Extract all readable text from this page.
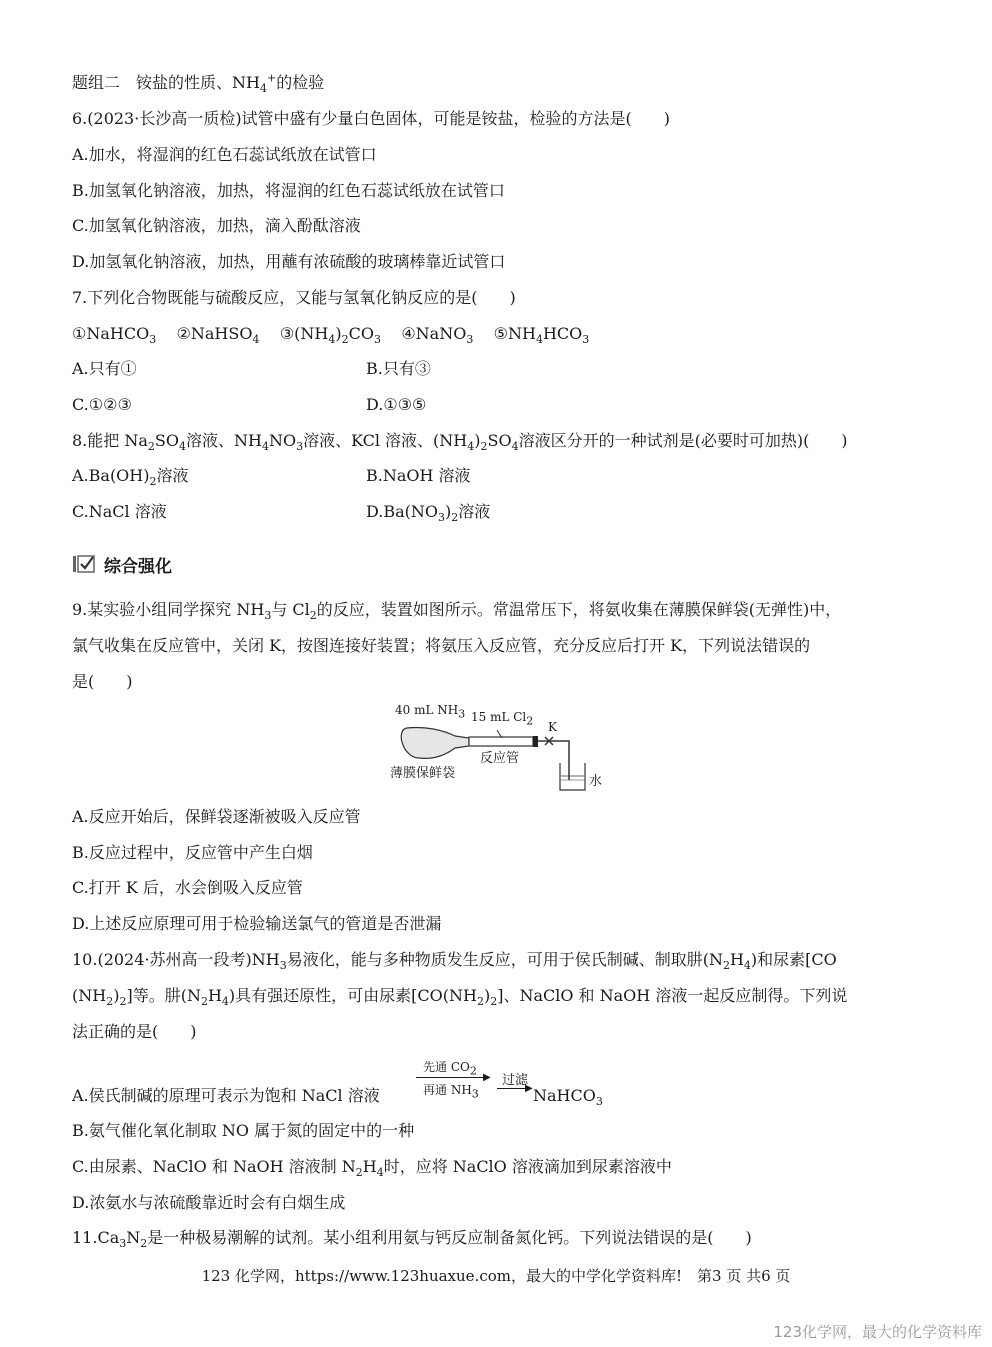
题组二　铵盐的性质、$NH_4^+$的检验
6.(2023·长沙高一质检)试管中盛有少量白色固体，可能是铵盐，检验的方法是(　　)
A.加水，将湿润的红色石蕊试纸放在试管口
B.加氢氧化钠溶液，加热，将湿润的红色石蕊试纸放在试管口
C.加氢氧化钠溶液，加热，滴入酚酞溶液
D.加氢氧化钠溶液，加热，用蘸有浓硫酸的玻璃棒靠近试管口
7.下列化合物既能与硫酸反应，又能与氢氧化钠反应的是(　　)
①NaHCO$_3$ ②NaHSO$_4$ $③(NH_4)_2CO_3$ ④NaNO$_3$ $⑤NH_4HCO_3$
A.只有①	B.只有③
C.①②③	D.①③⑤
8.能把 $Na_2SO_4$溶液、$NH_4NO_3$溶液、KCl 溶液、$(NH_4)_2SO_4$溶液区分开的一种试剂是(必要时可加热)(　　)
$A.Ba(OH)_2$溶液	B.NaOH 溶液
C.NaCl 溶液	$D.Ba(NO_3)_2$溶液
综合强化
9.某实验小组同学探究 $NH_3$与 $Cl_2$的反应，装置如图所示。常温常压下，将氨收集在薄膜保鲜袋(无弹性)中，
氯气收集在反应管中，关闭 K，按图连接好装置；将氨压入反应管，充分反应后打开 K，下列说法错误的
是(　　)
40 mL $NH_3$ 15 mL $Cl_2$ K
反应管
薄膜保鲜袋
水
A.反应开始后，保鲜袋逐渐被吸入反应管
B.反应过程中，反应管中产生白烟
C.打开 K 后，水会倒吸入反应管
D.上述反应原理可用于检验输送氯气的管道是否泄漏
10.(2024·苏州高一段考)$NH_3$易液化，能与多种物质发生反应，可用于侯氏制碱、制取肼$(N_2H_4)$和尿素[CO
$(NH_2)_2$]等。肼$(N_2H_4)$具有强还原性，可由尿素$[CO(NH_2)_2]$、NaClO 和 NaOH 溶液一起反应制得。下列说
法正确的是(　　)
A.侯氏制碱的原理可表示为饱和 NaCl 溶液
先通 $CO_2$
▶
再通 $NH_3$
过滤
▶ NaHCO$_3$
B.氨气催化氧化制取 NO 属于氮的固定中的一种
C.由尿素、NaClO 和 NaOH 溶液制 $N_2H_4$时，应将 NaClO 溶液滴加到尿素溶液中
D.浓氨水与浓硫酸靠近时会有白烟生成
$11.Ca_3N_2$是一种极易潮解的试剂。某小组利用氨与钙反应制备氮化钙。下列说法错误的是(　　)
123 化学网，https://www.123huaxue.com，最大的中学化学资料库!　第3 页 共6 页
123化学网，最大的化学资料库
